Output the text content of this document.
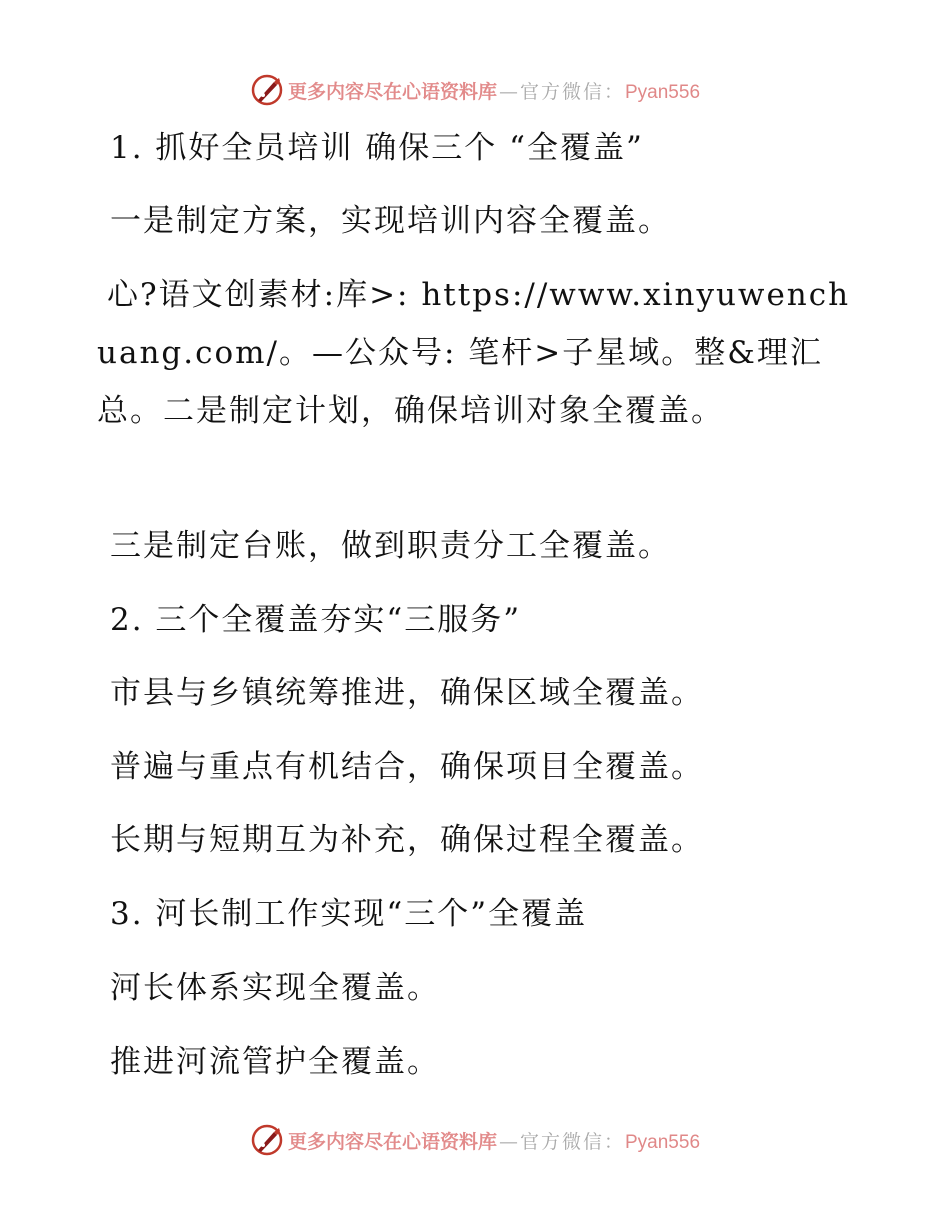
更多内容尽在心语资料库 — 官方微信： Pyan556
1. 抓好全员培训 确保三个 “全覆盖”
一是制定方案，实现培训内容全覆盖。
心?语文创素材:库>: https://www.xinyuwenchuang.com/。—公众号: 笔杆>子星域。整&理汇总。二是制定计划，确保培训对象全覆盖。
三是制定台账，做到职责分工全覆盖。
2. 三个全覆盖夯实“三服务”
市县与乡镇统筹推进，确保区域全覆盖。
普遍与重点有机结合，确保项目全覆盖。
长期与短期互为补充，确保过程全覆盖。
3. 河长制工作实现“三个”全覆盖
河长体系实现全覆盖。
推进河流管护全覆盖。
更多内容尽在心语资料库 — 官方微信： Pyan556
